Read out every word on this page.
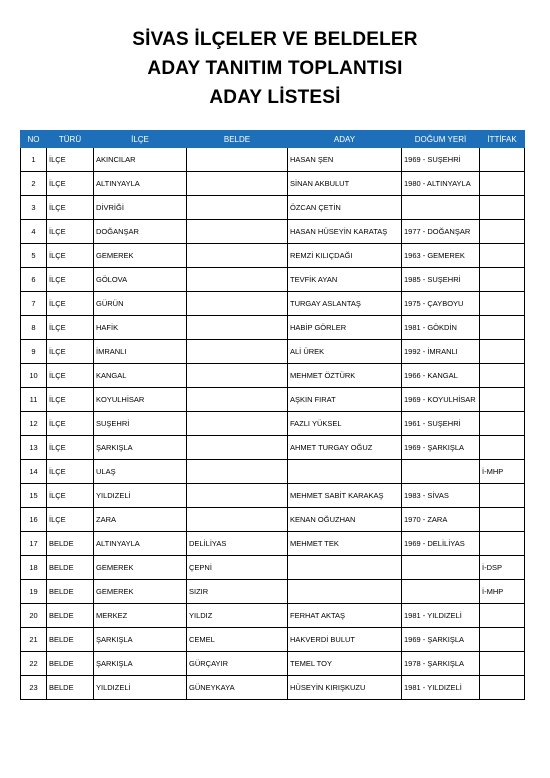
SİVAS İLÇELER VE BELDELER
ADAY TANITIM TOPLANTISI
ADAY LİSTESİ
NO	TÜRÜ	İLÇE	BELDE	ADAY	DOĞUM YERİ	İTTİFAK
1	İLÇE	AKINCILAR		HASAN ŞEN	1969 - SUŞEHRİ	
2	İLÇE	ALTINYAYLA		SİNAN AKBULUT	1980 - ALTINYAYLA	
3	İLÇE	DİVRİĞİ		ÖZCAN ÇETİN		
4	İLÇE	DOĞANŞAR		HASAN HÜSEYİN KARATAŞ	1977 - DOĞANŞAR	
5	İLÇE	GEMEREK		REMZİ KILIÇDAĞI	1963 - GEMEREK	
6	İLÇE	GÖLOVA		TEVFİK AYAN	1985 - SUŞEHRİ	
7	İLÇE	GÜRÜN		TURGAY ASLANTAŞ	1975 - ÇAYBOYU	
8	İLÇE	HAFİK		HABİP GÖRLER	1981 - GÖKDİN	
9	İLÇE	İMRANLI		ALİ ÜREK	1992 - İMRANLI	
10	İLÇE	KANGAL		MEHMET ÖZTÜRK	1966 - KANGAL	
11	İLÇE	KOYULHİSAR		AŞKIN FIRAT	1969 - KOYULHİSAR	
12	İLÇE	SUŞEHRİ		FAZLI YÜKSEL	1961 - SUŞEHRİ	
13	İLÇE	ŞARKIŞLA		AHMET TURGAY OĞUZ	1969 - ŞARKIŞLA	
14	İLÇE	ULAŞ				İ-MHP
15	İLÇE	YILDIZELİ		MEHMET SABİT KARAKAŞ	1983 - SİVAS	
16	İLÇE	ZARA		KENAN OĞUZHAN	1970 - ZARA	
17	BELDE	ALTINYAYLA	DELİLİYAS	MEHMET TEK	1969 - DELİLİYAS	
18	BELDE	GEMEREK	ÇEPNİ			İ-DSP
19	BELDE	GEMEREK	SIZIR			İ-MHP
20	BELDE	MERKEZ	YILDIZ	FERHAT AKTAŞ	1981 - YILDIZELİ	
21	BELDE	ŞARKIŞLA	CEMEL	HAKVERDİ BULUT	1969 - ŞARKIŞLA	
22	BELDE	ŞARKIŞLA	GÜRÇAYIR	TEMEL TOY	1978 - ŞARKIŞLA	
23	BELDE	YILDIZELİ	GÜNEYKAYA	HÜSEYİN KIRIŞKUZU	1981 - YILDIZELİ	
